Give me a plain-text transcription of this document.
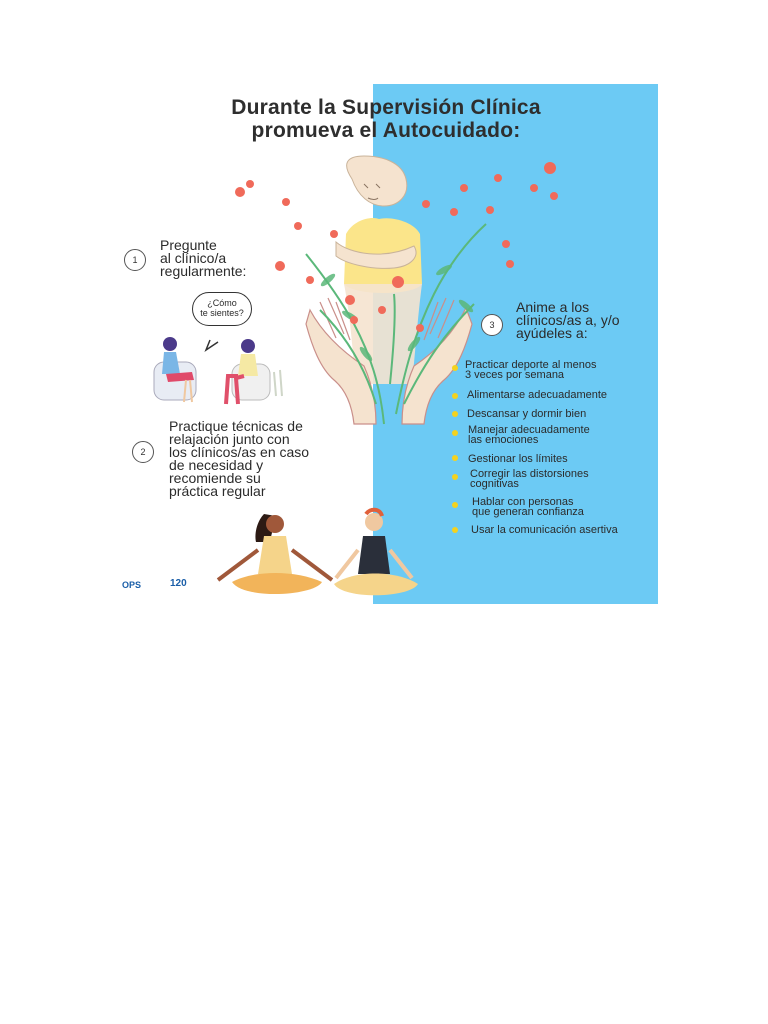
Durante la Supervisión Clínica
promueva el Autocuidado:
1
Pregunte
al clínico/a
regularmente:
¿Cómo
te sientes?
2
Practique técnicas de
relajación junto con
los clínicos/as en caso
de necesidad y
recomiende su
práctica regular
3
Anime a los
clínicos/as a, y/o
ayúdeles a:
Practicar deporte al menos
3 veces por semana
Alimentarse adecuadamente
Descansar y dormir bien
Manejar adecuadamente
las emociones
Gestionar los límites
Corregir las distorsiones
cognitivas
Hablar con personas
que generan confianza
Usar la comunicación asertiva
OPS	120
